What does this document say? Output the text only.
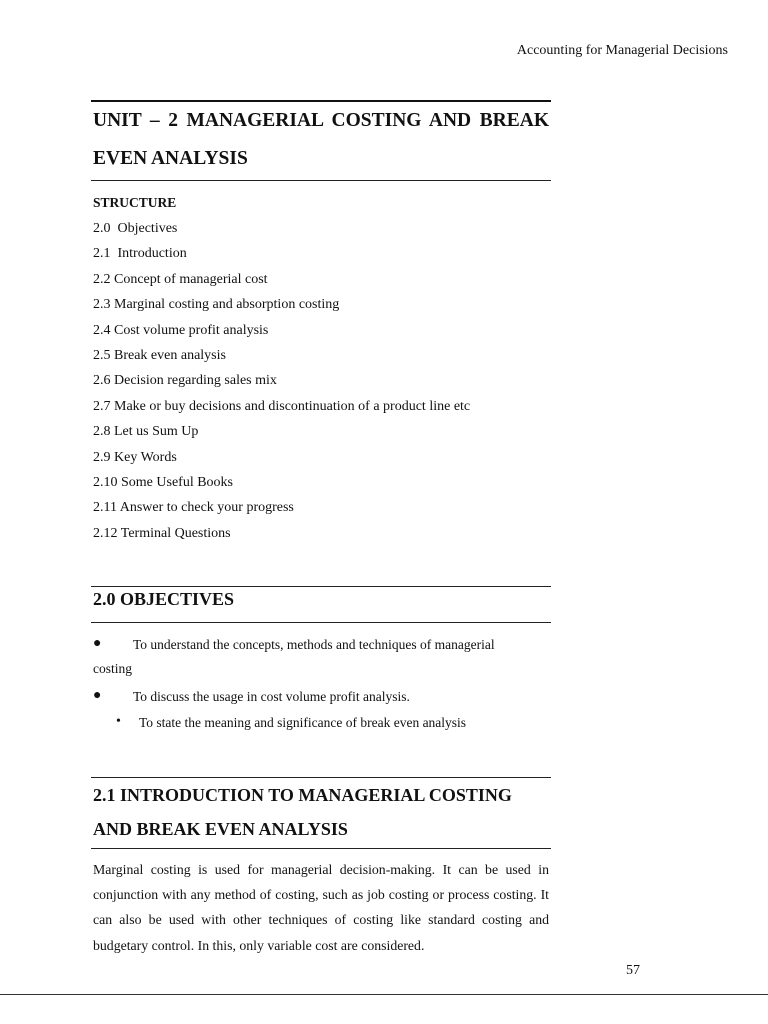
Accounting for Managerial Decisions
UNIT – 2 MANAGERIAL COSTING AND BREAK EVEN ANALYSIS
STRUCTURE
2.0  Objectives
2.1  Introduction
2.2 Concept of managerial cost
2.3 Marginal costing and absorption costing
2.4 Cost volume profit analysis
2.5 Break even analysis
2.6 Decision regarding sales mix
2.7 Make or buy decisions and discontinuation of a product line etc
2.8 Let us Sum Up
2.9 Key Words
2.10 Some Useful Books
2.11 Answer to check your progress
2.12 Terminal Questions
2.0 OBJECTIVES
● To understand the concepts, methods and techniques of managerial

costing

● To discuss the usage in cost volume profit analysis.

• To state the meaning and significance of break even analysis

2.1 INTRODUCTION TO MANAGERIAL COSTING AND BREAK EVEN ANALYSIS

Marginal costing is used for managerial decision-making. It can be used in conjunction with any method of costing, such as job costing or process costing. It can also be used with other techniques of costing like standard costing and budgetary control. In this, only variable cost are considered.

57
